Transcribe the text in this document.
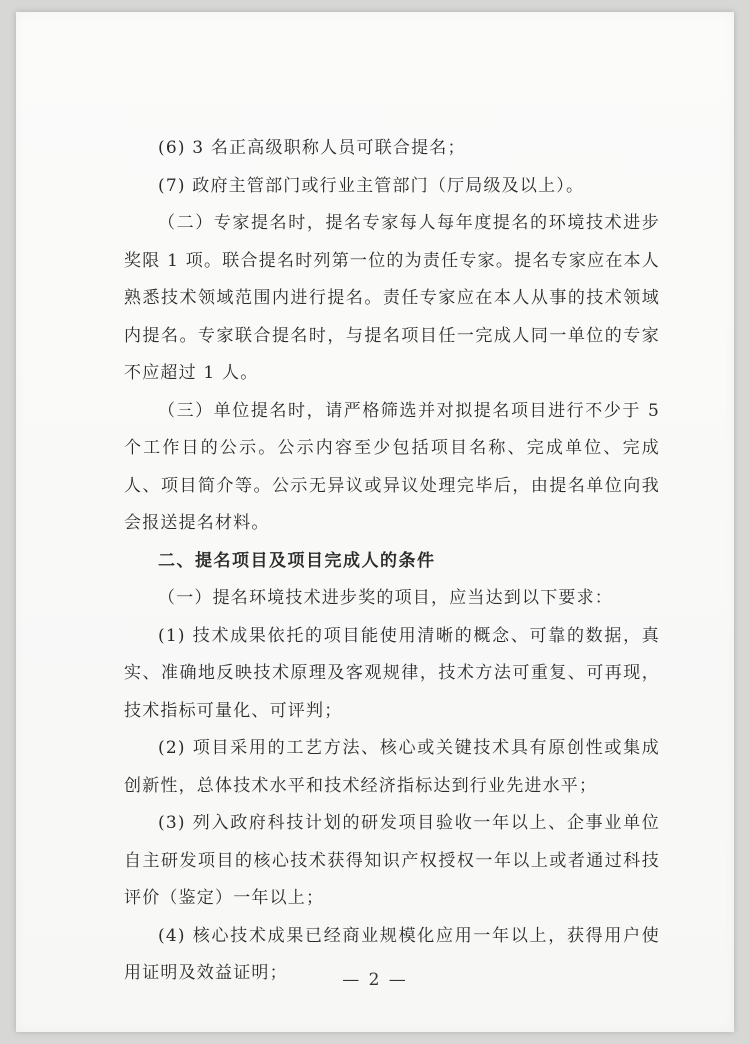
(6) 3 名正高级职称人员可联合提名；

(7) 政府主管部门或行业主管部门（厅局级及以上）。

（二）专家提名时，提名专家每人每年度提名的环境技术进步奖限 1 项。联合提名时列第一位的为责任专家。提名专家应在本人熟悉技术领域范围内进行提名。责任专家应在本人从事的技术领域内提名。专家联合提名时，与提名项目任一完成人同一单位的专家不应超过 1 人。

（三）单位提名时，请严格筛选并对拟提名项目进行不少于 5 个工作日的公示。公示内容至少包括项目名称、完成单位、完成人、项目简介等。公示无异议或异议处理完毕后，由提名单位向我会报送提名材料。

二、提名项目及项目完成人的条件

（一）提名环境技术进步奖的项目，应当达到以下要求：

(1) 技术成果依托的项目能使用清晰的概念、可靠的数据，真实、准确地反映技术原理及客观规律，技术方法可重复、可再现，技术指标可量化、可评判；

(2) 项目采用的工艺方法、核心或关键技术具有原创性或集成创新性，总体技术水平和技术经济指标达到行业先进水平；

(3) 列入政府科技计划的研发项目验收一年以上、企事业单位自主研发项目的核心技术获得知识产权授权一年以上或者通过科技评价（鉴定）一年以上；

(4) 核心技术成果已经商业规模化应用一年以上，获得用户使用证明及效益证明；	— 2 —
